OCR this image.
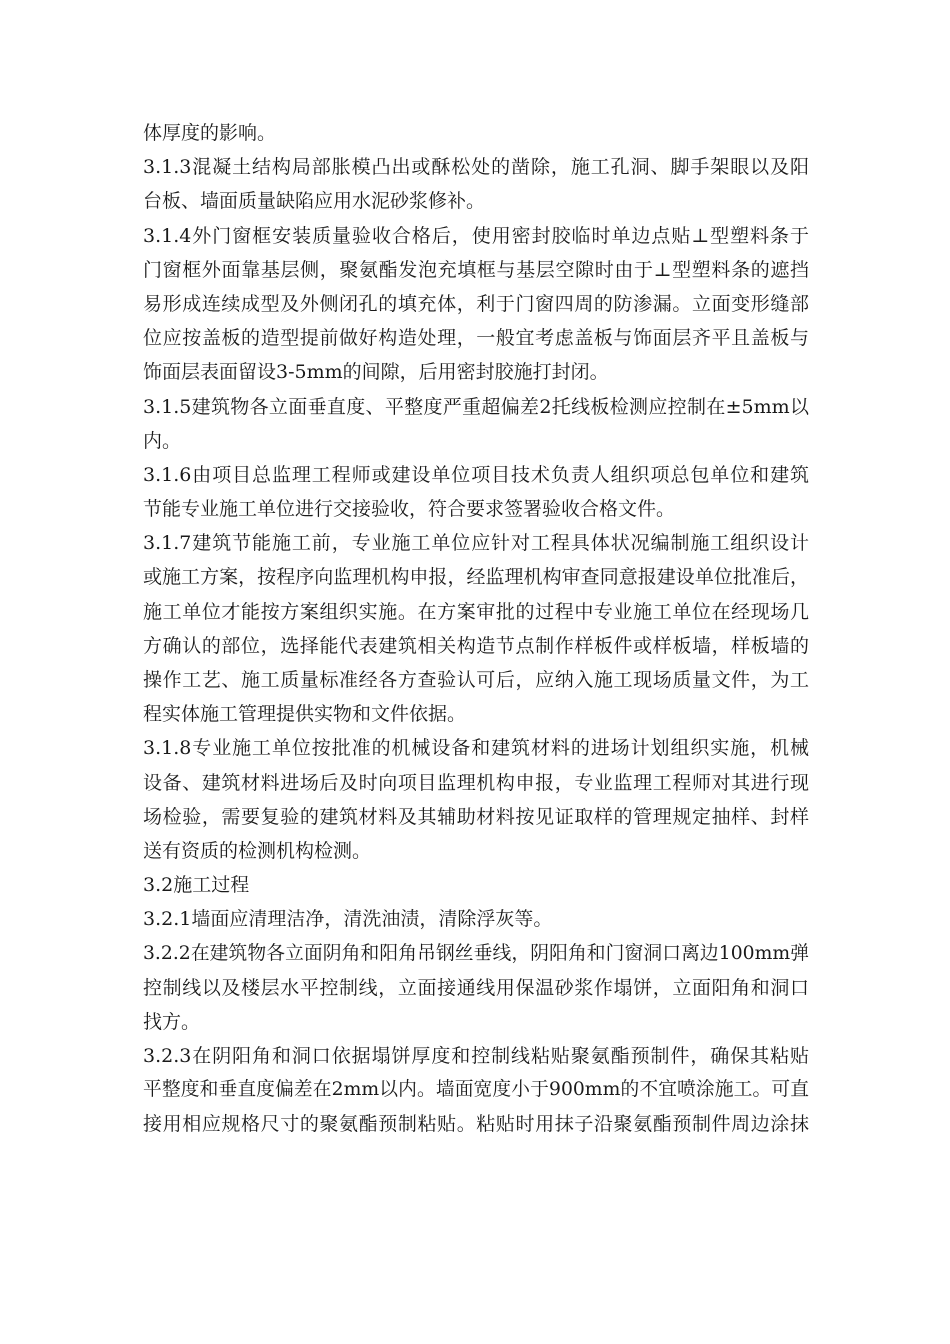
体厚度的影响。
3.1.3混凝土结构局部胀模凸出或酥松处的凿除，施工孔洞、脚手架眼以及阳
台板、墙面质量缺陷应用水泥砂浆修补。
3.1.4外门窗框安装质量验收合格后，使用密封胶临时单边点贴⊥型塑料条于
门窗框外面靠基层侧，聚氨酯发泡充填框与基层空隙时由于⊥型塑料条的遮挡
易形成连续成型及外侧闭孔的填充体，利于门窗四周的防渗漏。立面变形缝部
位应按盖板的造型提前做好构造处理，一般宜考虑盖板与饰面层齐平且盖板与
饰面层表面留设3-5mm的间隙，后用密封胶施打封闭。
3.1.5建筑物各立面垂直度、平整度严重超偏差2托线板检测应控制在±5mm以
内。
3.1.6由项目总监理工程师或建设单位项目技术负责人组织项总包单位和建筑
节能专业施工单位进行交接验收，符合要求签署验收合格文件。
3.1.7建筑节能施工前，专业施工单位应针对工程具体状况编制施工组织设计
或施工方案，按程序向监理机构申报，经监理机构审查同意报建设单位批准后，
施工单位才能按方案组织实施。在方案审批的过程中专业施工单位在经现场几
方确认的部位，选择能代表建筑相关构造节点制作样板件或样板墙，样板墙的
操作工艺、施工质量标准经各方查验认可后，应纳入施工现场质量文件，为工
程实体施工管理提供实物和文件依据。
3.1.8专业施工单位按批准的机械设备和建筑材料的进场计划组织实施，机械
设备、建筑材料进场后及时向项目监理机构申报，专业监理工程师对其进行现
场检验，需要复验的建筑材料及其辅助材料按见证取样的管理规定抽样、封样
送有资质的检测机构检测。
3.2施工过程
3.2.1墙面应清理洁净，清洗油渍，清除浮灰等。
3.2.2在建筑物各立面阴角和阳角吊钢丝垂线，阴阳角和门窗洞口离边100mm弹
控制线以及楼层水平控制线，立面接通线用保温砂浆作塌饼，立面阳角和洞口
找方。
3.2.3在阴阳角和洞口依据塌饼厚度和控制线粘贴聚氨酯预制件，确保其粘贴
平整度和垂直度偏差在2mm以内。墙面宽度小于900mm的不宜喷涂施工。可直
接用相应规格尺寸的聚氨酯预制粘贴。粘贴时用抹子沿聚氨酯预制件周边涂抹
